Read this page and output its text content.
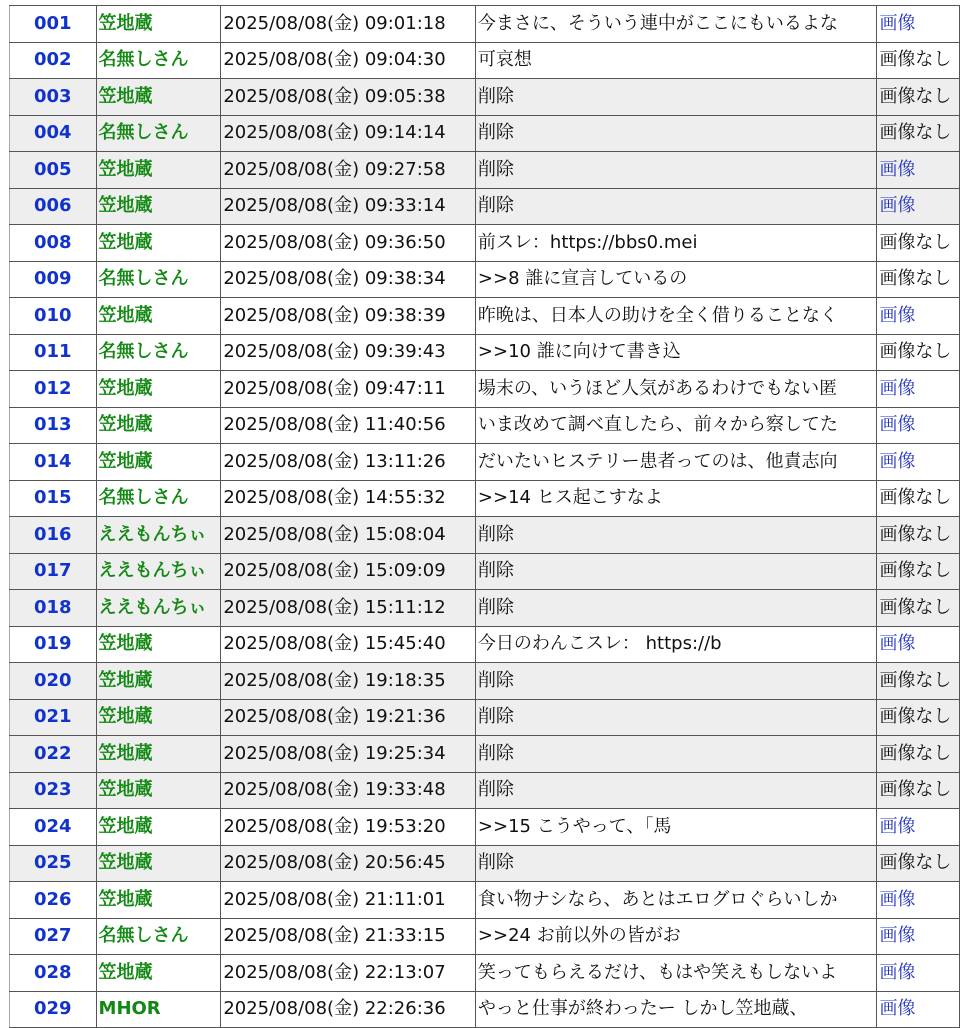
001	笠地蔵	2025/08/08(金) 09:01:18	今まさに、そういう連中がここにもいるよな	画像
002	名無しさん	2025/08/08(金) 09:04:30	可哀想	画像なし
003	笠地蔵	2025/08/08(金) 09:05:38	削除	画像なし
004	名無しさん	2025/08/08(金) 09:14:14	削除	画像なし
005	笠地蔵	2025/08/08(金) 09:27:58	削除	画像
006	笠地蔵	2025/08/08(金) 09:33:14	削除	画像
008	笠地蔵	2025/08/08(金) 09:36:50	前スレ：https://bbs0.mei	画像なし
009	名無しさん	2025/08/08(金) 09:38:34	>>8 誰に宣言しているの	画像なし
010	笠地蔵	2025/08/08(金) 09:38:39	昨晩は、日本人の助けを全く借りることなく	画像
011	名無しさん	2025/08/08(金) 09:39:43	>>10 誰に向けて書き込	画像なし
012	笠地蔵	2025/08/08(金) 09:47:11	場末の、いうほど人気があるわけでもない匿	画像
013	笠地蔵	2025/08/08(金) 11:40:56	いま改めて調べ直したら、前々から察してた	画像
014	笠地蔵	2025/08/08(金) 13:11:26	だいたいヒステリー患者ってのは、他責志向	画像
015	名無しさん	2025/08/08(金) 14:55:32	>>14 ヒス起こすなよ	画像なし
016	ええもんちぃ	2025/08/08(金) 15:08:04	削除	画像なし
017	ええもんちぃ	2025/08/08(金) 15:09:09	削除	画像なし
018	ええもんちぃ	2025/08/08(金) 15:11:12	削除	画像なし
019	笠地蔵	2025/08/08(金) 15:45:40	今日のわんこスレ： https://b	画像
020	笠地蔵	2025/08/08(金) 19:18:35	削除	画像なし
021	笠地蔵	2025/08/08(金) 19:21:36	削除	画像なし
022	笠地蔵	2025/08/08(金) 19:25:34	削除	画像なし
023	笠地蔵	2025/08/08(金) 19:33:48	削除	画像なし
024	笠地蔵	2025/08/08(金) 19:53:20	>>15 こうやって、「馬	画像
025	笠地蔵	2025/08/08(金) 20:56:45	削除	画像なし
026	笠地蔵	2025/08/08(金) 21:11:01	食い物ナシなら、あとはエログロぐらいしか	画像
027	名無しさん	2025/08/08(金) 21:33:15	>>24 お前以外の皆がお	画像
028	笠地蔵	2025/08/08(金) 22:13:07	笑ってもらえるだけ、もはや笑えもしないよ	画像
029	MHOR	2025/08/08(金) 22:26:36	やっと仕事が終わったー しかし笠地蔵、	画像
